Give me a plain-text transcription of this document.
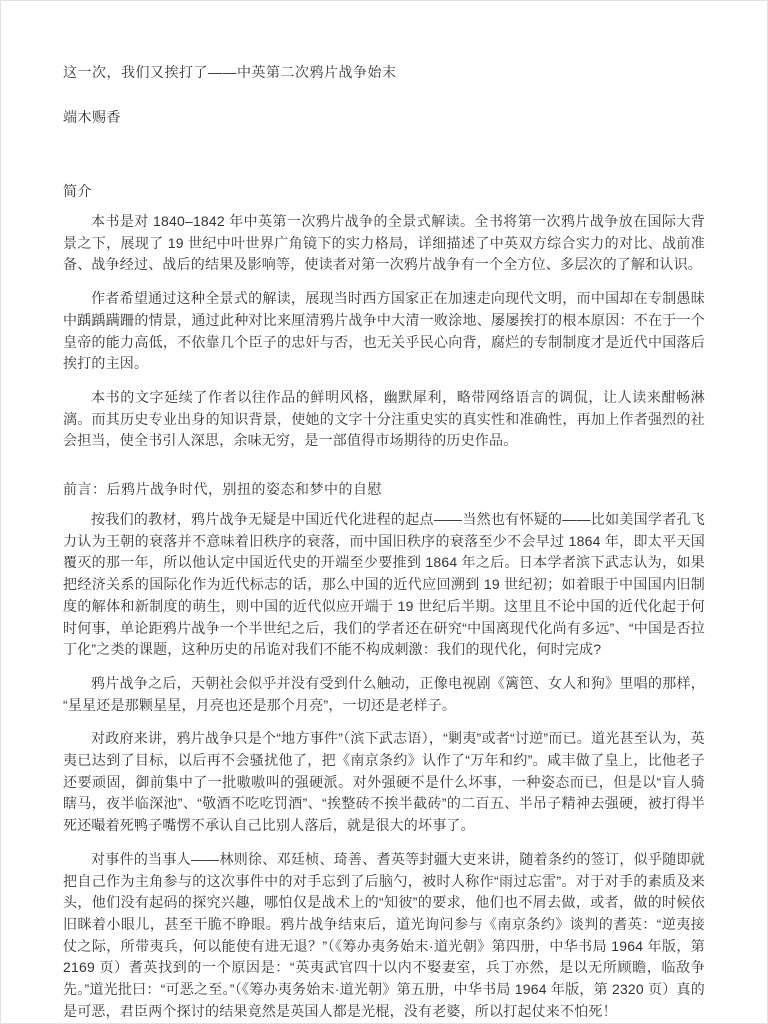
这一次，我们又挨打了——中英第二次鸦片战争始末

端木赐香

简介

本书是对 1840–1842 年中英第一次鸦片战争的全景式解读。全书将第一次鸦片战争放在国际大背景之下，展现了 19 世纪中叶世界广角镜下的实力格局，详细描述了中英双方综合实力的对比、战前准备、战争经过、战后的结果及影响等，使读者对第一次鸦片战争有一个全方位、多层次的了解和认识。

作者希望通过这种全景式的解读，展现当时西方国家正在加速走向现代文明，而中国却在专制愚昧中踽踽蹒跚的情景，通过此种对比来厘清鸦片战争中大清一败涂地、屡屡挨打的根本原因：不在于一个皇帝的能力高低，不依靠几个臣子的忠奸与否，也无关乎民心向背，腐烂的专制制度才是近代中国落后挨打的主因。

本书的文字延续了作者以往作品的鲜明风格，幽默犀利，略带网络语言的调侃，让人读来酣畅淋漓。而其历史专业出身的知识背景，使她的文字十分注重史实的真实性和准确性，再加上作者强烈的社会担当，使全书引人深思，余味无穷，是一部值得市场期待的历史作品。

前言：后鸦片战争时代，别扭的姿态和梦中的自慰

按我们的教材，鸦片战争无疑是中国近代化进程的起点——当然也有怀疑的——比如美国学者孔飞力认为王朝的衰落并不意味着旧秩序的衰落，而中国旧秩序的衰落至少不会早过 1864 年，即太平天国覆灭的那一年，所以他认定中国近代史的开端至少要推到 1864 年之后。日本学者滨下武志认为，如果把经济关系的国际化作为近代标志的话，那么中国的近代应回溯到 19 世纪初；如着眼于中国国内旧制度的解体和新制度的萌生，则中国的近代似应开端于 19 世纪后半期。这里且不论中国的近代化起于何时何事，单论距鸦片战争一个半世纪之后，我们的学者还在研究“中国离现代化尚有多远”、“中国是否拉丁化”之类的课题，这种历史的吊诡对我们不能不构成刺激：我们的现代化，何时完成?

鸦片战争之后，天朝社会似乎并没有受到什么触动，正像电视剧《篱笆、女人和狗》里唱的那样，“星星还是那颗星星，月亮也还是那个月亮”，一切还是老样子。

对政府来讲，鸦片战争只是个“地方事件”（滨下武志语），“剿夷”或者“讨逆”而已。道光甚至认为，英夷已达到了目标，以后再不会骚扰他了，把《南京条约》认作了“万年和约”。咸丰做了皇上，比他老子还要顽固，御前集中了一批嗷嗷叫的强硬派。对外强硬不是什么坏事，一种姿态而已，但是以“盲人骑瞎马，夜半临深池”、“敬酒不吃吃罚酒”、“挨整砖不挨半截砖”的二百五、半吊子精神去强硬，被打得半死还嘬着死鸭子嘴愣不承认自己比别人落后，就是很大的坏事了。

对事件的当事人——林则徐、邓廷桢、琦善、耆英等封疆大吏来讲，随着条约的签订，似乎随即就把自己作为主角参与的这次事件中的对手忘到了后脑勺，被时人称作“雨过忘雷”。对于对手的素质及来头，他们没有起码的探究兴趣，哪怕仅是战术上的“知彼”的要求，他们也不屑去做，或者，做的时候依旧眯着小眼儿，甚至干脆不睁眼。鸦片战争结束后，道光询问参与《南京条约》谈判的耆英：“逆夷接仗之际，所带夷兵，何以能使有进无退？”（《筹办夷务始末·道光朝》第四册，中华书局 1964 年版，第 2169 页）耆英找到的一个原因是：“英夷武官四十以内不娶妻室，兵丁亦然，是以无所顾瞻，临敌争先。”道光批曰：“可恶之至。”（《筹办夷务始末·道光朝》第五册，中华书局 1964 年版，第 2320 页）真的是可恶，君臣两个探讨的结果竟然是英国人都是光棍，没有老婆，所以打起仗来不怕死！
